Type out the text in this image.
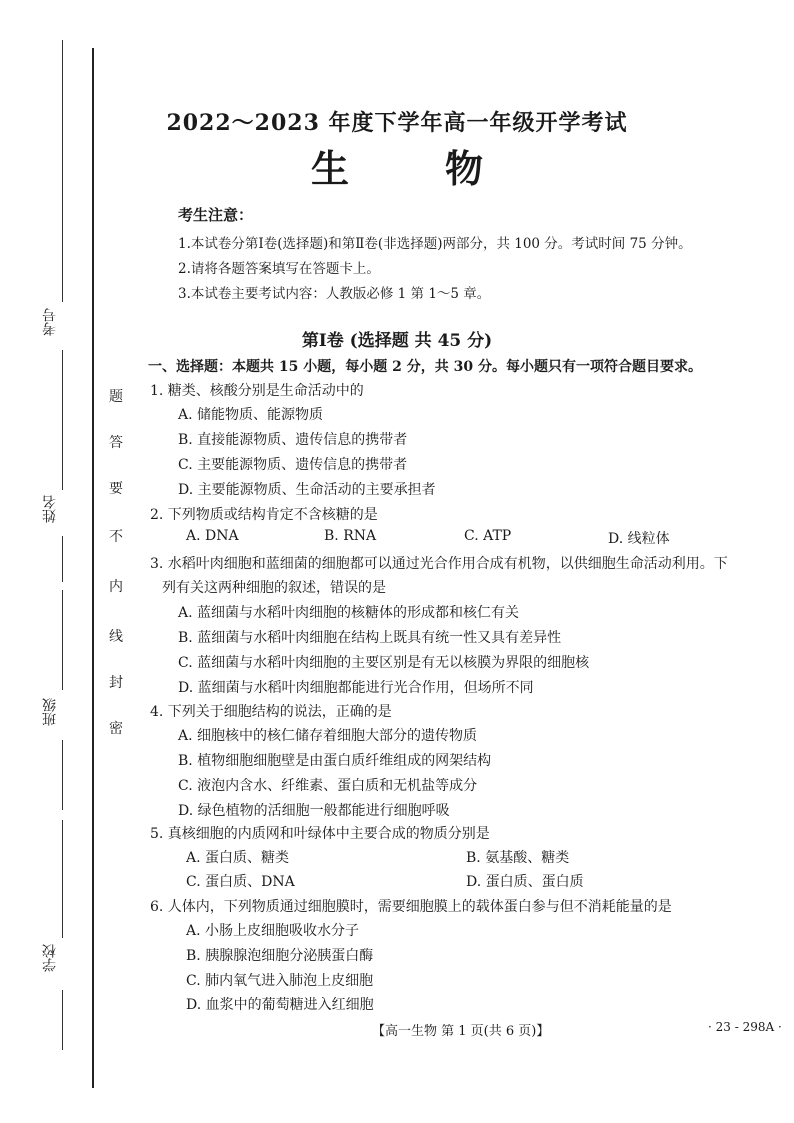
考号
姓名
班级
学校
题
答
要
不
内
线
封
密
2022～2023 年度下学年高一年级开学考试
生	物
考生注意：
1.本试卷分第Ⅰ卷(选择题)和第Ⅱ卷(非选择题)两部分，共 100 分。考试时间 75 分钟。
2.请将各题答案填写在答题卡上。
3.本试卷主要考试内容：人教版必修 1 第 1～5 章。
第Ⅰ卷 (选择题 共 45 分)
一、选择题：本题共 15 小题，每小题 2 分，共 30 分。每小题只有一项符合题目要求。
1. 糖类、核酸分别是生命活动中的
A. 储能物质、能源物质
B. 直接能源物质、遗传信息的携带者
C. 主要能源物质、遗传信息的携带者
D. 主要能源物质、生命活动的主要承担者
2. 下列物质或结构肯定不含核糖的是
A. DNA	B. RNA	C. ATP	D. 线粒体
3. 水稻叶肉细胞和蓝细菌的细胞都可以通过光合作用合成有机物，以供细胞生命活动利用。下
列有关这两种细胞的叙述，错误的是
A. 蓝细菌与水稻叶肉细胞的核糖体的形成都和核仁有关
B. 蓝细菌与水稻叶肉细胞在结构上既具有统一性又具有差异性
C. 蓝细菌与水稻叶肉细胞的主要区别是有无以核膜为界限的细胞核
D. 蓝细菌与水稻叶肉细胞都能进行光合作用，但场所不同
4. 下列关于细胞结构的说法，正确的是
A. 细胞核中的核仁储存着细胞大部分的遗传物质
B. 植物细胞细胞壁是由蛋白质纤维组成的网架结构
C. 液泡内含水、纤维素、蛋白质和无机盐等成分
D. 绿色植物的活细胞一般都能进行细胞呼吸
5. 真核细胞的内质网和叶绿体中主要合成的物质分别是
A. 蛋白质、糖类	B. 氨基酸、糖类
C. 蛋白质、DNA	D. 蛋白质、蛋白质
6. 人体内，下列物质通过细胞膜时，需要细胞膜上的载体蛋白参与但不消耗能量的是
A. 小肠上皮细胞吸收水分子
B. 胰腺腺泡细胞分泌胰蛋白酶
C. 肺内氧气进入肺泡上皮细胞
D. 血浆中的葡萄糖进入红细胞
【高一生物 第 1 页(共 6 页)】	· 23 - 298A ·
